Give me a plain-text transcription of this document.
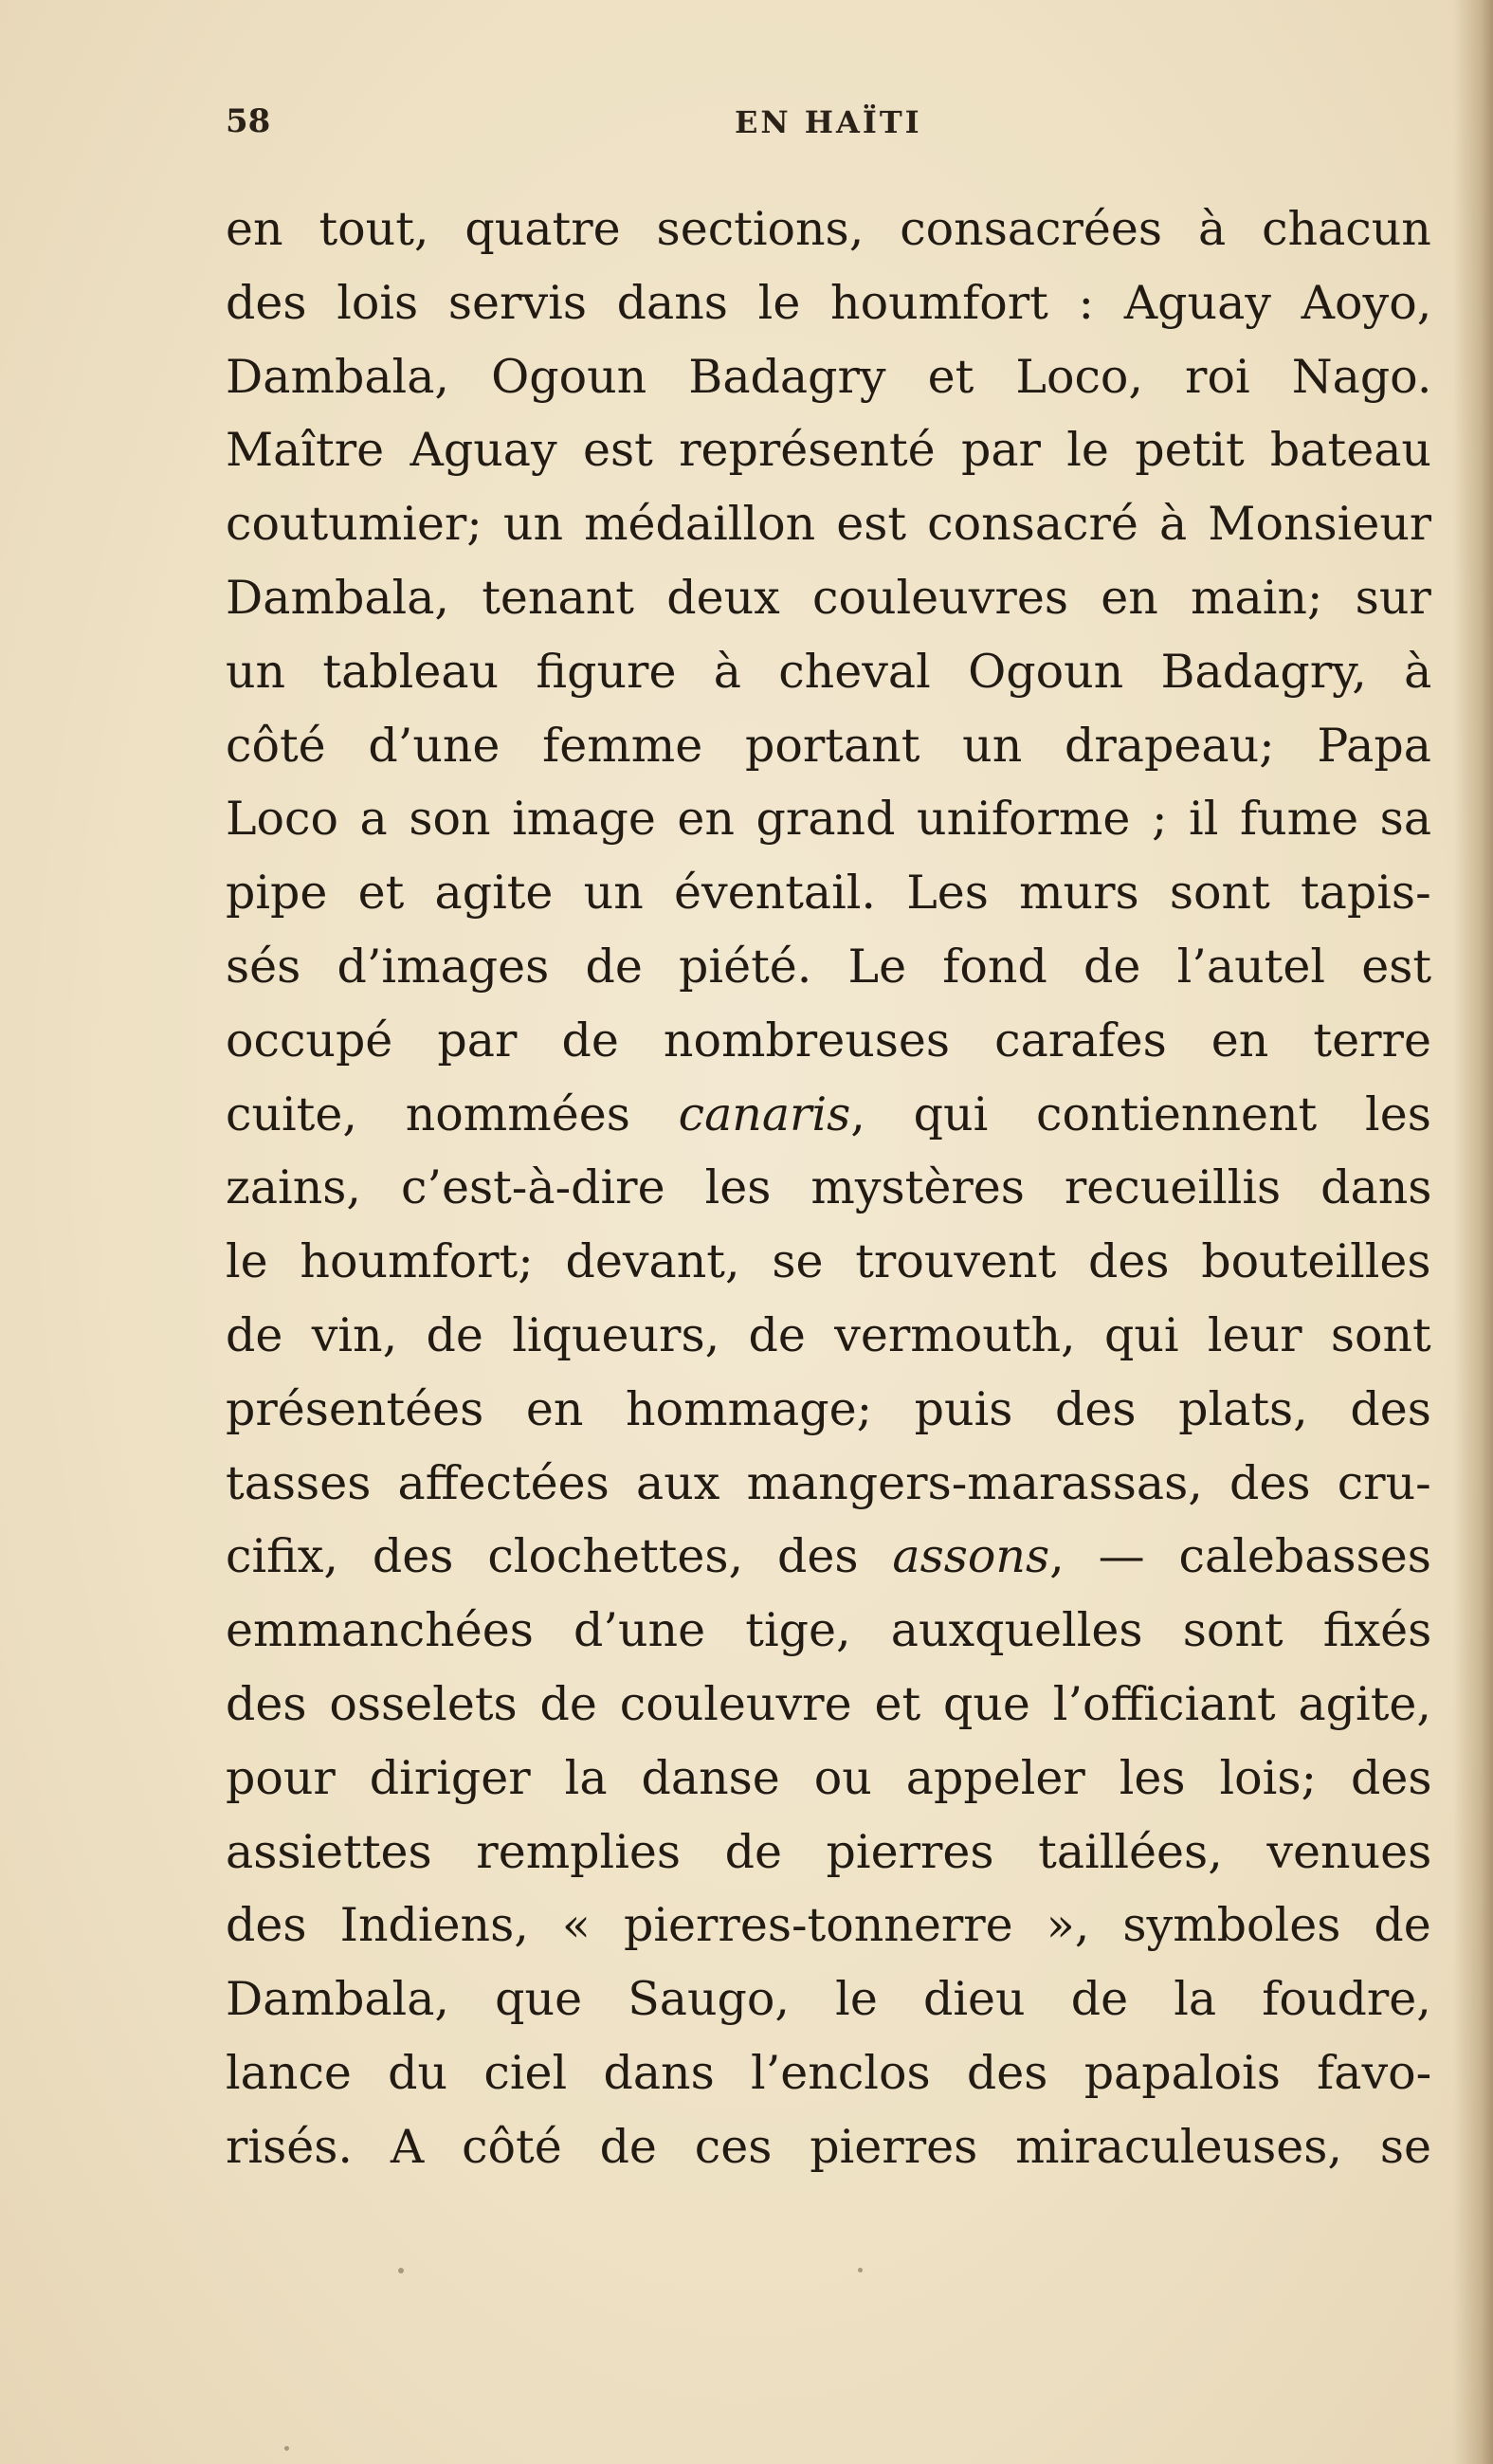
58	EN HAÏTI
en tout, quatre sections, consacrées à chacun
des lois servis dans le houmfort : Aguay Aoyo,
Dambala, Ogoun Badagry et Loco, roi Nago.
Maître Aguay est représenté par le petit bateau
coutumier; un médaillon est consacré à Monsieur
Dambala, tenant deux couleuvres en main; sur
un tableau figure à cheval Ogoun Badagry, à
côté d’une femme portant un drapeau; Papa
Loco a son image en grand uniforme ; il fume sa
pipe et agite un éventail. Les murs sont tapis-
sés d’images de piété. Le fond de l’autel est
occupé par de nombreuses carafes en terre
cuite, nommées canaris, qui contiennent les
zains, c’est-à-dire les mystères recueillis dans
le houmfort; devant, se trouvent des bouteilles
de vin, de liqueurs, de vermouth, qui leur sont
présentées en hommage; puis des plats, des
tasses affectées aux mangers-marassas, des cru-
cifix, des clochettes, des assons, — calebasses
emmanchées d’une tige, auxquelles sont fixés
des osselets de couleuvre et que l’officiant agite,
pour diriger la danse ou appeler les lois; des
assiettes remplies de pierres taillées, venues
des Indiens, « pierres-tonnerre », symboles de
Dambala, que Saugo, le dieu de la foudre,
lance du ciel dans l’enclos des papalois favo-
risés. A côté de ces pierres miraculeuses, se
